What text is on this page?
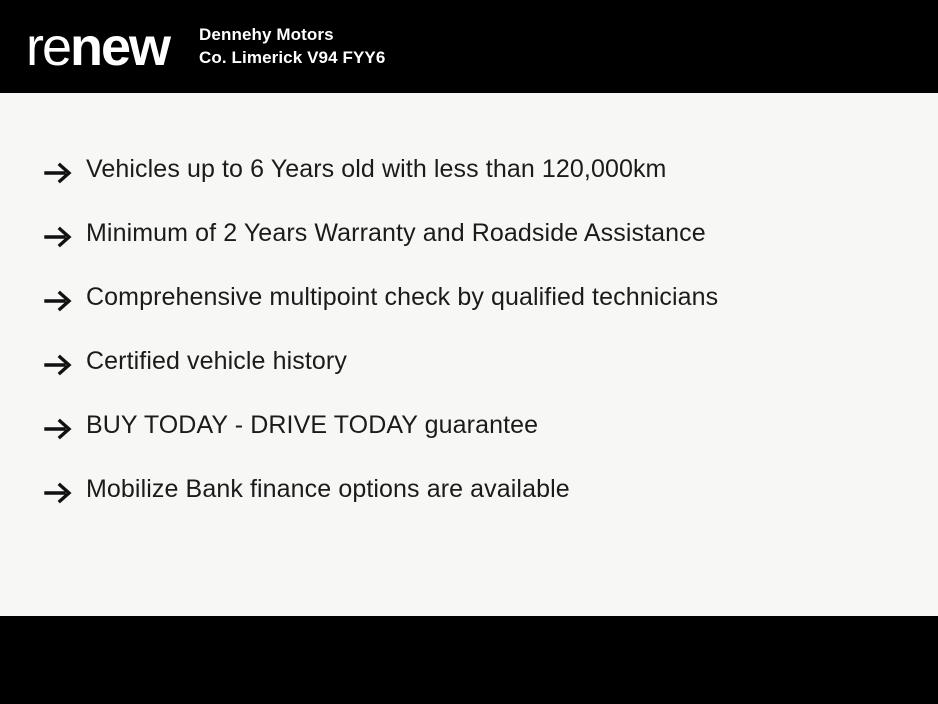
re new Dennehy Motors
Co. Limerick V94 FYY6
Vehicles up to 6 Years old with less than 120,000km
Minimum of 2 Years Warranty and Roadside Assistance
Comprehensive multipoint check by qualified technicians
Certified vehicle history
BUY TODAY - DRIVE TODAY guarantee
Mobilize Bank finance options are available
